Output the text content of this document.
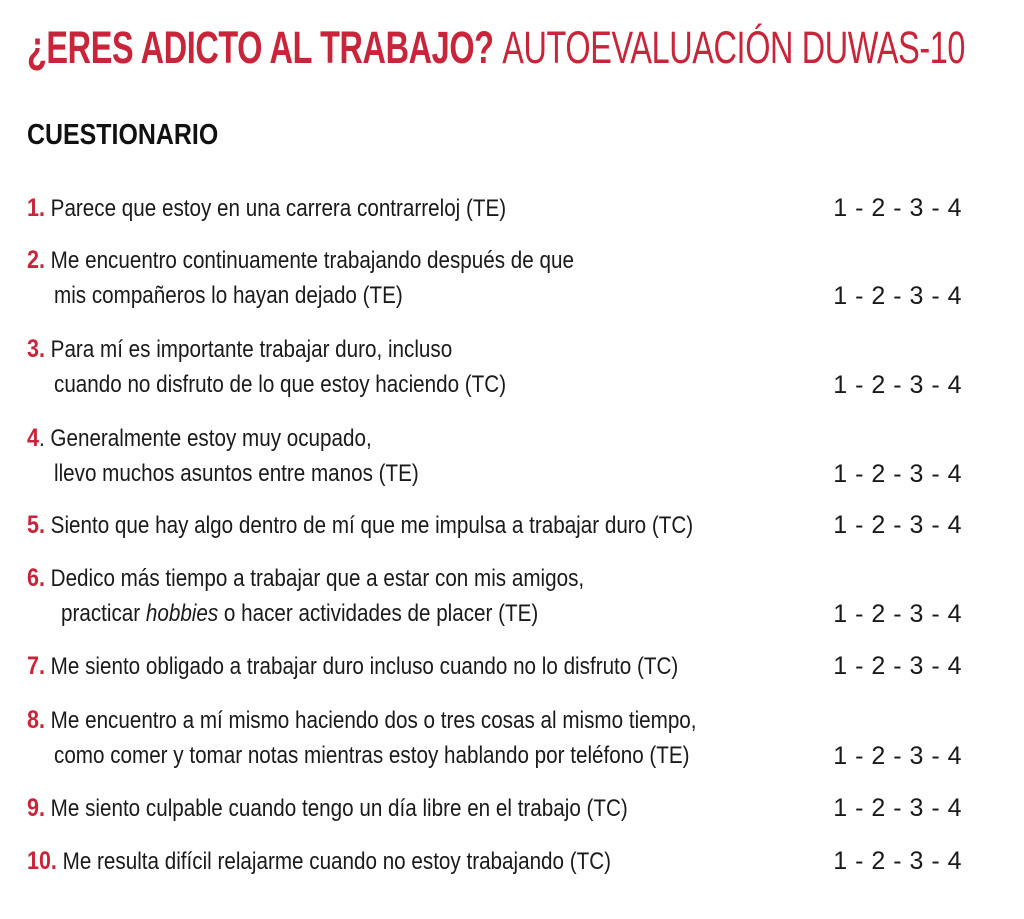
¿ERES ADICTO AL TRABAJO? AUTOEVALUACIÓN DUWAS-10
CUESTIONARIO
1. Parece que estoy en una carrera contrarreloj (TE)	1 - 2 - 3 - 4
2. Me encuentro continuamente trabajando después de que
mis compañeros lo hayan dejado (TE)	1 - 2 - 3 - 4
3. Para mí es importante trabajar duro, incluso
cuando no disfruto de lo que estoy haciendo (TC)	1 - 2 - 3 - 4
4. Generalmente estoy muy ocupado,
llevo muchos asuntos entre manos (TE)	1 - 2 - 3 - 4
5. Siento que hay algo dentro de mí que me impulsa a trabajar duro (TC)	1 - 2 - 3 - 4
6. Dedico más tiempo a trabajar que a estar con mis amigos,
practicar hobbies o hacer actividades de placer (TE)	1 - 2 - 3 - 4
7. Me siento obligado a trabajar duro incluso cuando no lo disfruto (TC)	1 - 2 - 3 - 4
8. Me encuentro a mí mismo haciendo dos o tres cosas al mismo tiempo,
como comer y tomar notas mientras estoy hablando por teléfono (TE)	1 - 2 - 3 - 4
9. Me siento culpable cuando tengo un día libre en el trabajo (TC)	1 - 2 - 3 - 4
10. Me resulta difícil relajarme cuando no estoy trabajando (TC)	1 - 2 - 3 - 4
